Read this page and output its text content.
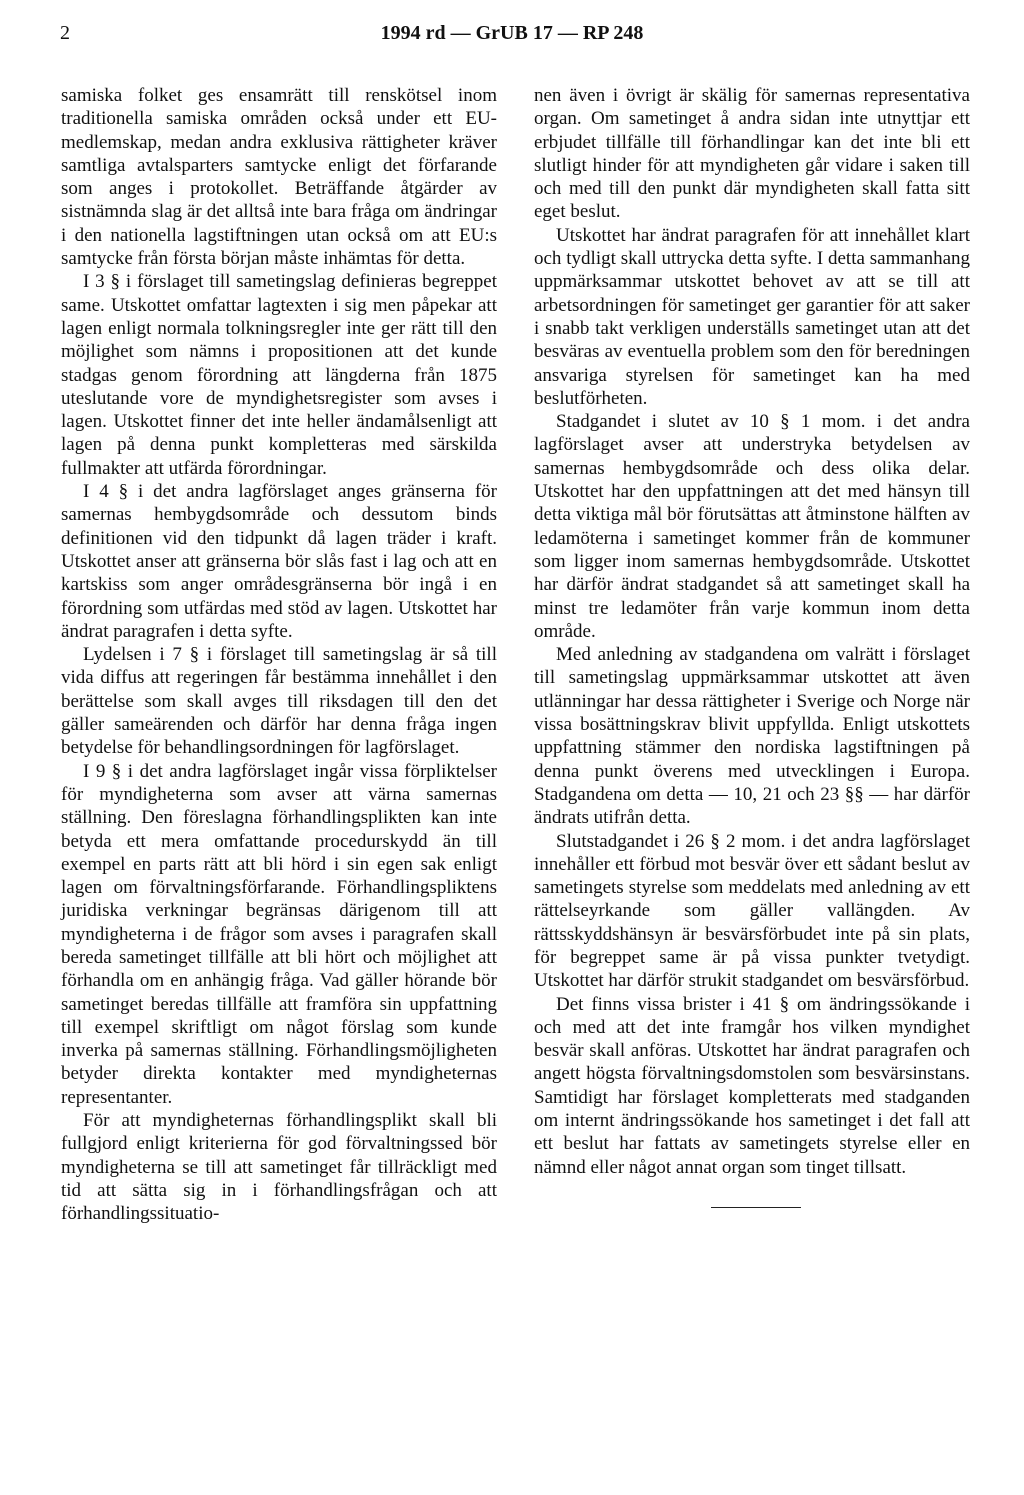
2	1994 rd — GrUB 17 — RP 248

samiska folket ges ensamrätt till renskötsel inom traditionella samiska områden också under ett EU-medlemskap, medan andra exklusiva rättigheter kräver samtliga avtalsparters samtycke enligt det förfarande som anges i protokollet. Beträffande åtgärder av sistnämnda slag är det alltså inte bara fråga om ändringar i den nationella lagstiftningen utan också om att EU:s samtycke från första början måste inhämtas för detta.

I 3 § i förslaget till sametingslag definieras begreppet same. Utskottet omfattar lagtexten i sig men påpekar att lagen enligt normala tolkningsregler inte ger rätt till den möjlighet som nämns i propositionen att det kunde stadgas genom förordning att längderna från 1875 uteslutande vore de myndighetsregister som avses i lagen. Utskottet finner det inte heller ändamålsenligt att lagen på denna punkt kompletteras med särskilda fullmakter att utfärda förordningar.

I 4 § i det andra lagförslaget anges gränserna för samernas hembygdsområde och dessutom binds definitionen vid den tidpunkt då lagen träder i kraft. Utskottet anser att gränserna bör slås fast i lag och att en kartskiss som anger områdesgränserna bör ingå i en förordning som utfärdas med stöd av lagen. Utskottet har ändrat paragrafen i detta syfte.

Lydelsen i 7 § i förslaget till sametingslag är så till vida diffus att regeringen får bestämma innehållet i den berättelse som skall avges till riksdagen till den det gäller sameärenden och därför har denna fråga ingen betydelse för behandlingsordningen för lagförslaget.

I 9 § i det andra lagförslaget ingår vissa förpliktelser för myndigheterna som avser att värna samernas ställning. Den föreslagna förhandlingsplikten kan inte betyda ett mera omfattande procedurskydd än till exempel en parts rätt att bli hörd i sin egen sak enligt lagen om förvaltningsförfarande. Förhandlingspliktens juridiska verkningar begränsas därigenom till att myndigheterna i de frågor som avses i paragrafen skall bereda sametinget tillfälle att bli hört och möjlighet att förhandla om en anhängig fråga. Vad gäller hörande bör sametinget beredas tillfälle att framföra sin uppfattning till exempel skriftligt om något förslag som kunde inverka på samernas ställning. Förhandlingsmöjligheten betyder direkta kontakter med myndigheternas representanter.

För att myndigheternas förhandlingsplikt skall bli fullgjord enligt kriterierna för god förvaltningssed bör myndigheterna se till att sametinget får tillräckligt med tid att sätta sig in i förhandlingsfrågan och att förhandlingssituatio-

nen även i övrigt är skälig för samernas representativa organ. Om sametinget å andra sidan inte utnyttjar ett erbjudet tillfälle till förhandlingar kan det inte bli ett slutligt hinder för att myndigheten går vidare i saken till och med till den punkt där myndigheten skall fatta sitt eget beslut.

Utskottet har ändrat paragrafen för att innehållet klart och tydligt skall uttrycka detta syfte. I detta sammanhang uppmärksammar utskottet behovet av att se till att arbetsordningen för sametinget ger garantier för att saker i snabb takt verkligen underställs sametinget utan att det besväras av eventuella problem som den för beredningen ansvariga styrelsen för sametinget kan ha med beslutförheten.

Stadgandet i slutet av 10 § 1 mom. i det andra lagförslaget avser att understryka betydelsen av samernas hembygdsområde och dess olika delar. Utskottet har den uppfattningen att det med hänsyn till detta viktiga mål bör förutsättas att åtminstone hälften av ledamöterna i sametinget kommer från de kommuner som ligger inom samernas hembygdsområde. Utskottet har därför ändrat stadgandet så att sametinget skall ha minst tre ledamöter från varje kommun inom detta område.

Med anledning av stadgandena om valrätt i förslaget till sametingslag uppmärksammar utskottet att även utlänningar har dessa rättigheter i Sverige och Norge när vissa bosättningskrav blivit uppfyllda. Enligt utskottets uppfattning stämmer den nordiska lagstiftningen på denna punkt överens med utvecklingen i Europa. Stadgandena om detta — 10, 21 och 23 §§ — har därför ändrats utifrån detta.

Slutstadgandet i 26 § 2 mom. i det andra lagförslaget innehåller ett förbud mot besvär över ett sådant beslut av sametingets styrelse som meddelats med anledning av ett rättelseyrkande som gäller vallängden. Av rättsskyddshänsyn är besvärsförbudet inte på sin plats, för begreppet same är på vissa punkter tvetydigt. Utskottet har därför strukit stadgandet om besvärsförbud.

Det finns vissa brister i 41 § om ändringssökande i och med att det inte framgår hos vilken myndighet besvär skall anföras. Utskottet har ändrat paragrafen och angett högsta förvaltningsdomstolen som besvärsinstans. Samtidigt har förslaget kompletterats med stadganden om internt ändringssökande hos sametinget i det fall att ett beslut har fattats av sametingets styrelse eller en nämnd eller något annat organ som tinget tillsatt.
